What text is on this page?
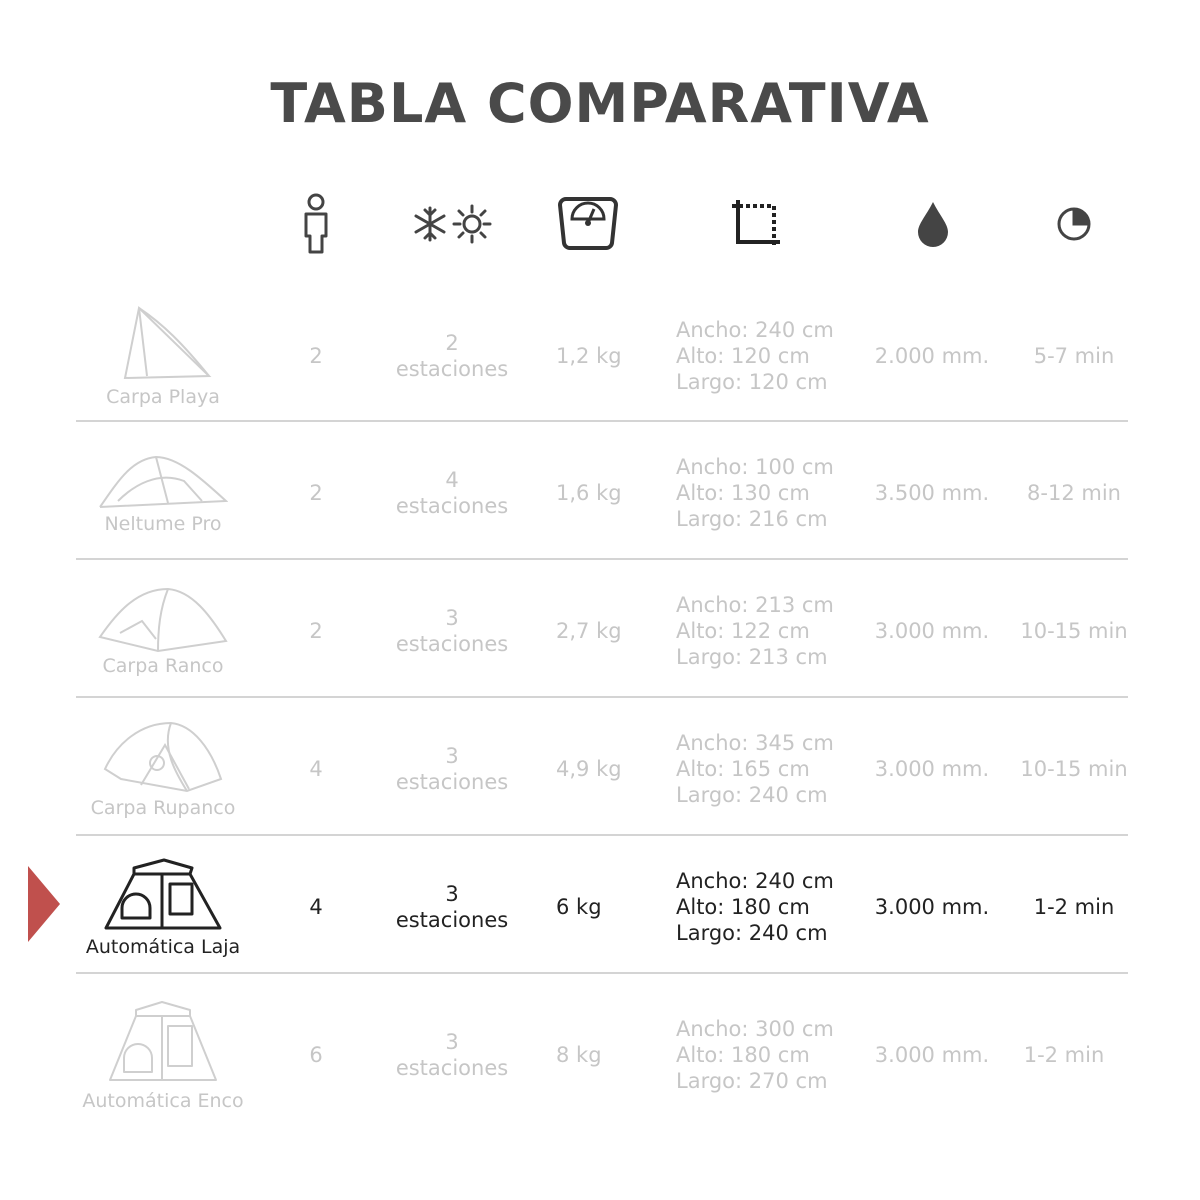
TABLA COMPARATIVA
Carpa Playa
2
2
estaciones
1,2 kg
Ancho: 240 cm
Alto: 120 cm
Largo: 120 cm
2.000 mm. 5-7 min
Neltume Pro
2
4
estaciones
1,6 kg
Ancho: 100 cm
Alto: 130 cm
Largo: 216 cm
3.500 mm. 8-12 min
Carpa Ranco
2
3
estaciones
2,7 kg
Ancho: 213 cm
Alto: 122 cm
Largo: 213 cm
3.000 mm. 10-15 min
Carpa Rupanco
4
3
estaciones
4,9 kg
Ancho: 345 cm
Alto: 165 cm
Largo: 240 cm
3.000 mm. 10-15 min
Automática Laja
4
3
estaciones
6 kg
Ancho: 240 cm
Alto: 180 cm
Largo: 240 cm
3.000 mm. 1-2 min
Automática Enco
6
3
estaciones
8 kg
Ancho: 300 cm
Alto: 180 cm
Largo: 270 cm
3.000 mm. 1-2 min
